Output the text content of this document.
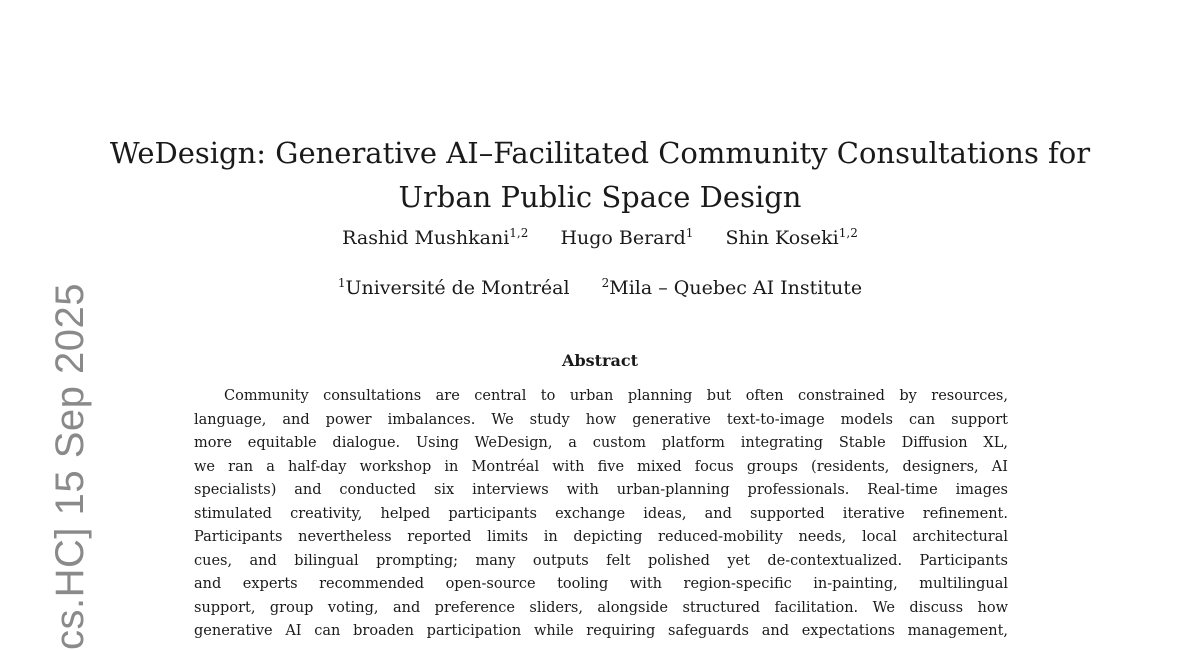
cs.HC] 15 Sep 2025
WeDesign: Generative AI–Facilitated Community Consultations for
Urban Public Space Design
Rashid Mushkani$^{1,2}$ Hugo Berard$^1$ Shin Koseki$^{1,2}$
$^1$Université de Montréal	$^2$Mila – Quebec AI Institute
Abstract
Community consultations are central to urban planning but often constrained by resources,
language, and power imbalances. We study how generative text-to-image models can support
more equitable dialogue. Using WeDesign, a custom platform integrating Stable Diffusion XL,
we ran a half-day workshop in Montréal with five mixed focus groups (residents, designers, AI
specialists) and conducted six interviews with urban-planning professionals. Real-time images
stimulated creativity, helped participants exchange ideas, and supported iterative refinement.
Participants nevertheless reported limits in depicting reduced-mobility needs, local architectural
cues, and bilingual prompting; many outputs felt polished yet de-contextualized. Participants
and experts recommended open-source tooling with region-specific in-painting, multilingual
support, group voting, and preference sliders, alongside structured facilitation. We discuss how
generative AI can broaden participation while requiring safeguards and expectations management,
